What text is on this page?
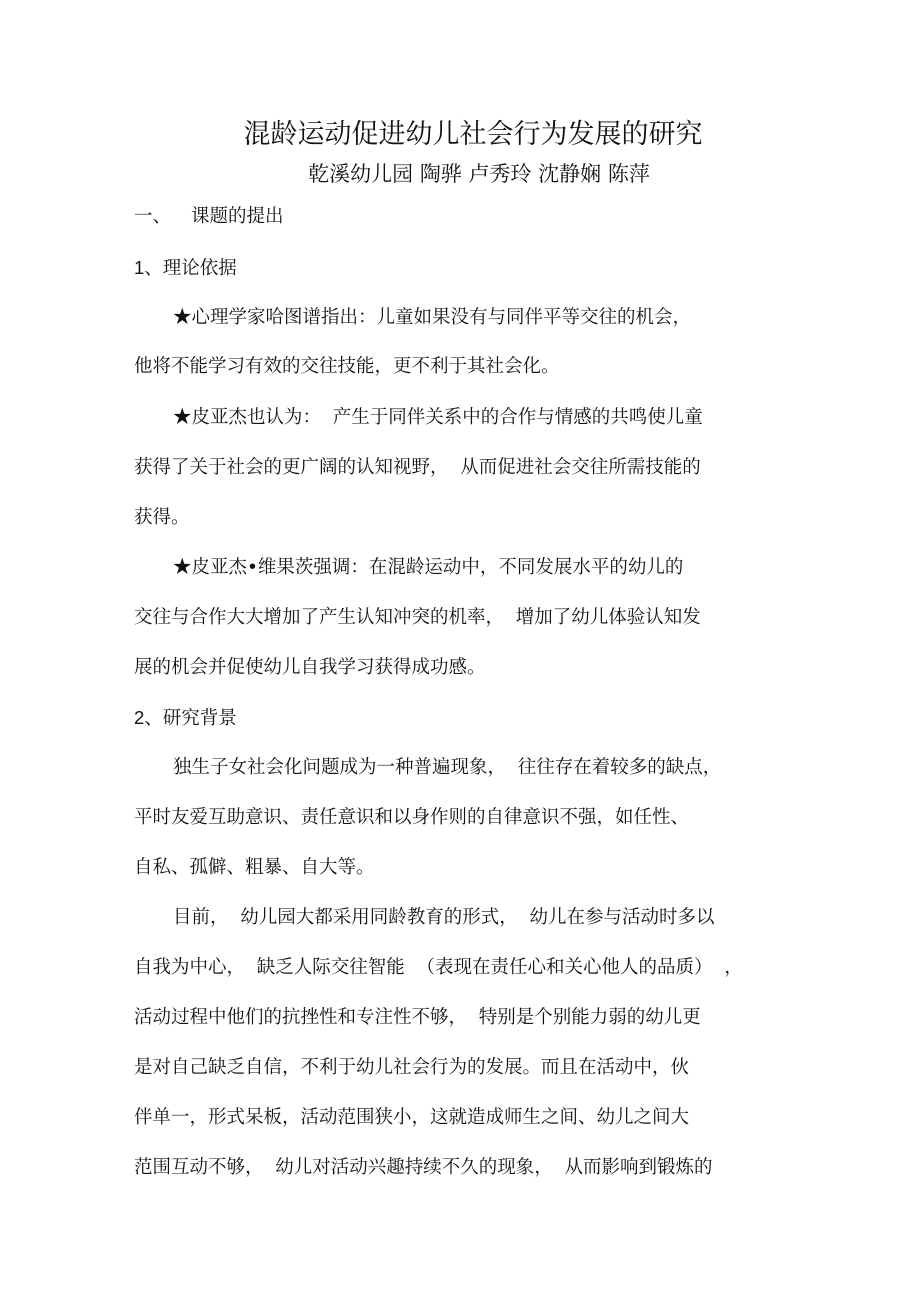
混龄运动促进幼儿社会行为发展的研究
乾溪幼儿园 陶骅 卢秀玲 沈静娴 陈萍
一、 课题的提出
1、理论依据
★心理学家哈图谱指出：儿童如果没有与同伴平等交往的机会，
他将不能学习有效的交往技能，更不利于其社会化。
★皮亚杰也认为：  产生于同伴关系中的合作与情感的共鸣使儿童
获得了关于社会的更广阔的认知视野，  从而促进社会交往所需技能的
获得。
★皮亚杰•维果茨强调：在混龄运动中，不同发展水平的幼儿的
交往与合作大大增加了产生认知冲突的机率，  增加了幼儿体验认知发
展的机会并促使幼儿自我学习获得成功感。
2、研究背景
独生子女社会化问题成为一种普遍现象，  往往存在着较多的缺点，
平时友爱互助意识、责任意识和以身作则的自律意识不强，如任性、
自私、孤僻、粗暴、自大等。
目前，  幼儿园大都采用同龄教育的形式，  幼儿在参与活动时多以
自我为中心，  缺乏人际交往智能  （表现在责任心和关心他人的品质）  ，
活动过程中他们的抗挫性和专注性不够，  特别是个别能力弱的幼儿更
是对自己缺乏自信，不利于幼儿社会行为的发展。而且在活动中，伙
伴单一，形式呆板，活动范围狭小，这就造成师生之间、幼儿之间大
范围互动不够，  幼儿对活动兴趣持续不久的现象，  从而影响到锻炼的
